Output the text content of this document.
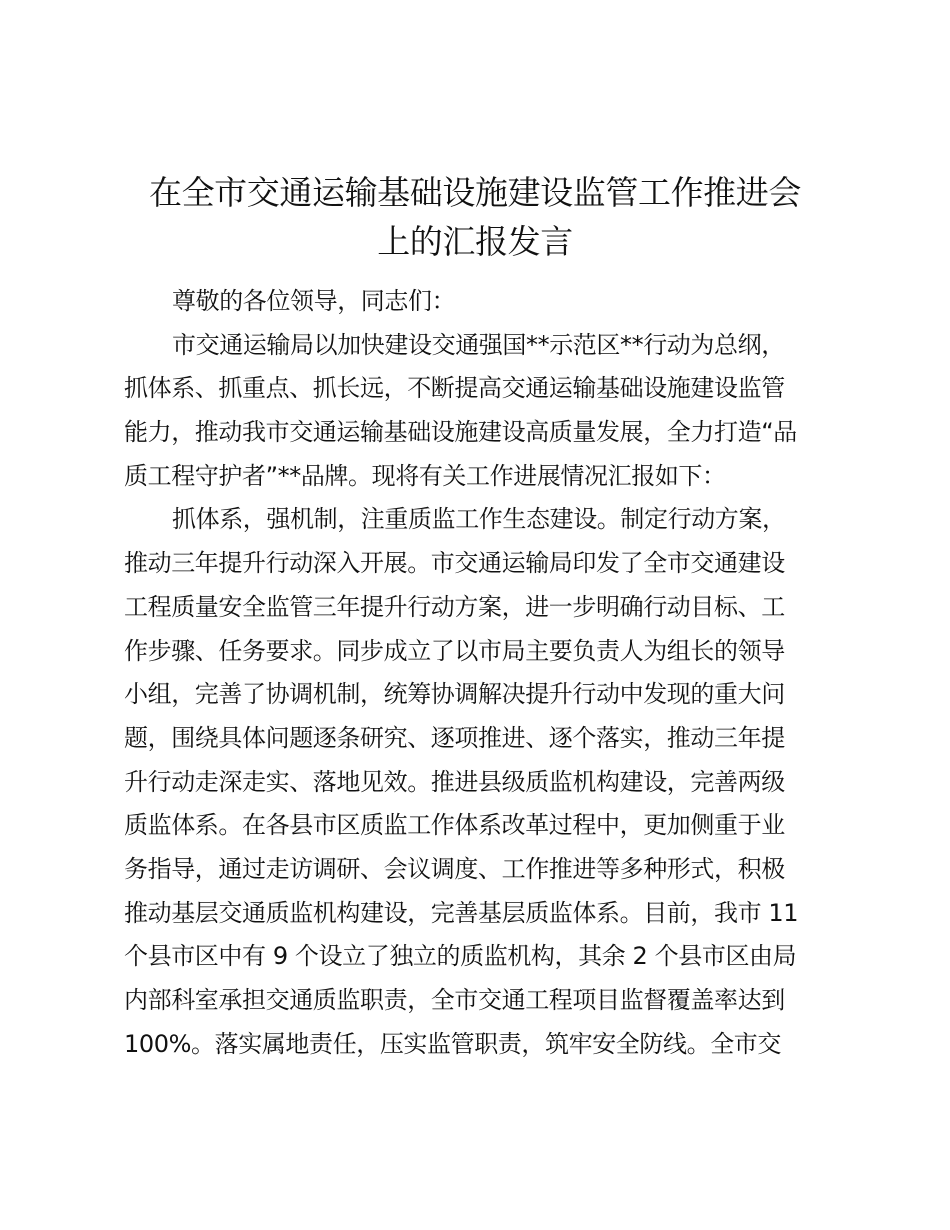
在全市交通运输基础设施建设监管工作推进会
上的汇报发言
尊敬的各位领导，同志们：
市交通运输局以加快建设交通强国**示范区**行动为总纲，
抓体系、抓重点、抓长远，不断提高交通运输基础设施建设监管
能力，推动我市交通运输基础设施建设高质量发展，全力打造“品
质工程守护者”**品牌。现将有关工作进展情况汇报如下：
抓体系，强机制，注重质监工作生态建设。制定行动方案，
推动三年提升行动深入开展。市交通运输局印发了全市交通建设
工程质量安全监管三年提升行动方案，进一步明确行动目标、工
作步骤、任务要求。同步成立了以市局主要负责人为组长的领导
小组，完善了协调机制，统筹协调解决提升行动中发现的重大问
题，围绕具体问题逐条研究、逐项推进、逐个落实，推动三年提
升行动走深走实、落地见效。推进县级质监机构建设，完善两级
质监体系。在各县市区质监工作体系改革过程中，更加侧重于业
务指导，通过走访调研、会议调度、工作推进等多种形式，积极
推动基层交通质监机构建设，完善基层质监体系。目前，我市 11
个县市区中有 9 个设立了独立的质监机构，其余 2 个县市区由局
内部科室承担交通质监职责，全市交通工程项目监督覆盖率达到
100%。落实属地责任，压实监管职责，筑牢安全防线。全市交
